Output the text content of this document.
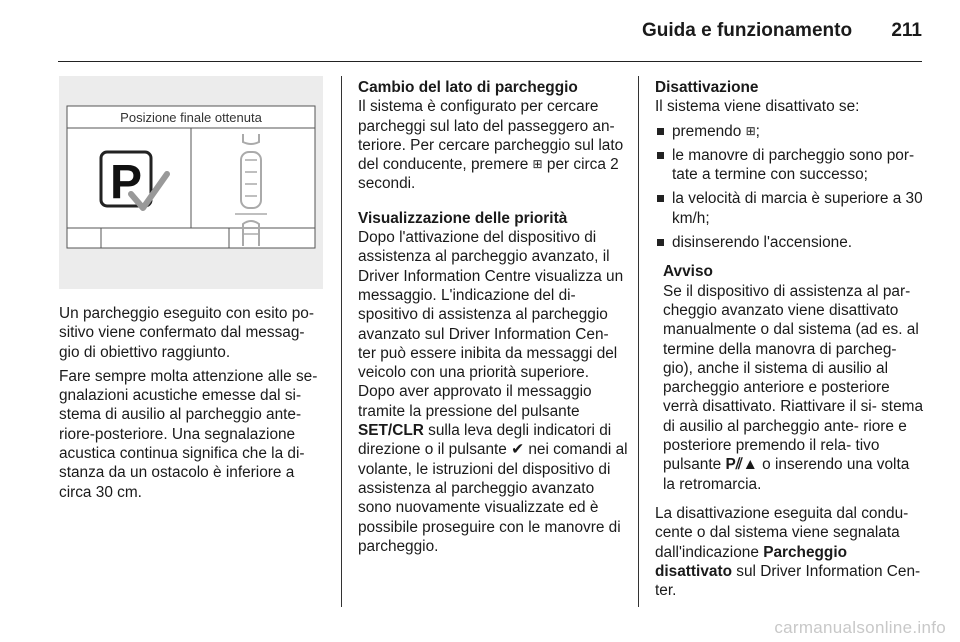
Guida e funzionamento 211
Posizione finale ottenuta
P

Un parcheggio eseguito con esito po- sitivo viene confermato dal messag- gio di obiettivo raggiunto.

Fare sempre molta attenzione alle se- gnalazioni acustiche emesse dal si- stema di ausilio al parcheggio ante- riore-posteriore. Una segnalazione acustica continua significa che la di- stanza da un ostacolo è inferiore a circa 30 cm.

Cambio del lato di parcheggio

Il sistema è configurato per cercare parcheggi sul lato del passeggero an- teriore. Per cercare parcheggio sul lato del conducente, premere ⊞ per circa 2 secondi.

Visualizzazione delle priorità

Dopo l'attivazione del dispositivo di assistenza al parcheggio avanzato, il Driver Information Centre visualizza un messaggio. L'indicazione del di- spositivo di assistenza al parcheggio avanzato sul Driver Information Cen- ter può essere inibita da messaggi del veicolo con una priorità superiore. Dopo aver approvato il messaggio tramite la pressione del pulsante SET/CLR sulla leva degli indicatori di direzione o il pulsante ✔ nei comandi al volante, le istruzioni del dispositivo di assistenza al parcheggio avanzato sono nuovamente visualizzate ed è possibile proseguire con le manovre di parcheggio.

Disattivazione

Il sistema viene disattivato se:

premendo ⊞;
le manovre di parcheggio sono por- tate a termine con successo;
la velocità di marcia è superiore a 30 km/h;
disinserendo l'accensione.
Avviso
Se il dispositivo di assistenza al par- cheggio avanzato viene disattivato manualmente o dal sistema (ad es. al termine della manovra di parcheg- gio), anche il sistema di ausilio al parcheggio anteriore e posteriore verrà disattivato. Riattivare il si- stema di ausilio al parcheggio ante- riore e posteriore premendo il rela- tivo pulsante P⫽▲ o inserendo una volta la retromarcia.

La disattivazione eseguita dal condu- cente o dal sistema viene segnalata dall'indicazione Parcheggio disattivato sul Driver Information Cen- ter.

carmanualsonline.info
